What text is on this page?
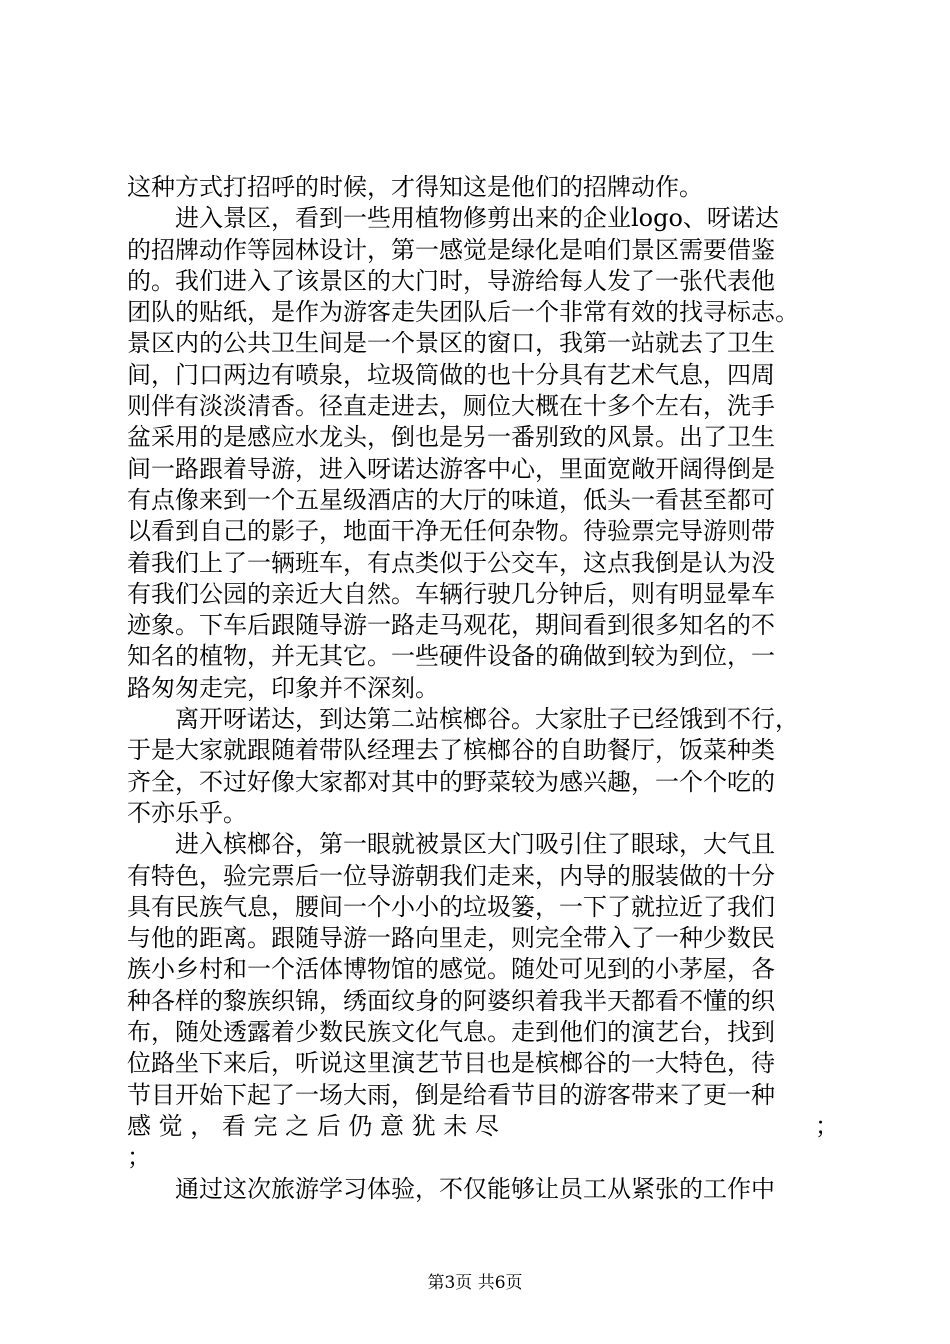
这种方式打招呼的时候，才得知这是他们的招牌动作。
进入景区，看到一些用植物修剪出来的企业logo、呀诺达
的招牌动作等园林设计，第一感觉是绿化是咱们景区需要借鉴
的。我们进入了该景区的大门时，导游给每人发了一张代表他
团队的贴纸，是作为游客走失团队后一个非常有效的找寻标志。
景区内的公共卫生间是一个景区的窗口，我第一站就去了卫生
间，门口两边有喷泉，垃圾筒做的也十分具有艺术气息，四周
则伴有淡淡清香。径直走进去，厕位大概在十多个左右，洗手
盆采用的是感应水龙头，倒也是另一番别致的风景。出了卫生
间一路跟着导游，进入呀诺达游客中心，里面宽敞开阔得倒是
有点像来到一个五星级酒店的大厅的味道，低头一看甚至都可
以看到自己的影子，地面干净无任何杂物。待验票完导游则带
着我们上了一辆班车，有点类似于公交车，这点我倒是认为没
有我们公园的亲近大自然。车辆行驶几分钟后，则有明显晕车
迹象。下车后跟随导游一路走马观花，期间看到很多知名的不
知名的植物，并无其它。一些硬件设备的确做到较为到位，一
路匆匆走完，印象并不深刻。
离开呀诺达，到达第二站槟榔谷。大家肚子已经饿到不行，
于是大家就跟随着带队经理去了槟榔谷的自助餐厅，饭菜种类
齐全，不过好像大家都对其中的野菜较为感兴趣，一个个吃的
不亦乐乎。
进入槟榔谷，第一眼就被景区大门吸引住了眼球，大气且
有特色，验完票后一位导游朝我们走来，内导的服装做的十分
具有民族气息，腰间一个小小的垃圾篓，一下了就拉近了我们
与他的距离。跟随导游一路向里走，则完全带入了一种少数民
族小乡村和一个活体博物馆的感觉。随处可见到的小茅屋，各
种各样的黎族织锦，绣面纹身的阿婆织着我半天都看不懂的织
布，随处透露着少数民族文化气息。走到他们的演艺台，找到
位路坐下来后，听说这里演艺节目也是槟榔谷的一大特色，待
节目开始下起了一场大雨，倒是给看节目的游客带来了更一种
感 觉 ， 看 完 之 后 仍 意 犹 未 尽	；
；
通过这次旅游学习体验，不仅能够让员工从紧张的工作中
第3页 共6页
